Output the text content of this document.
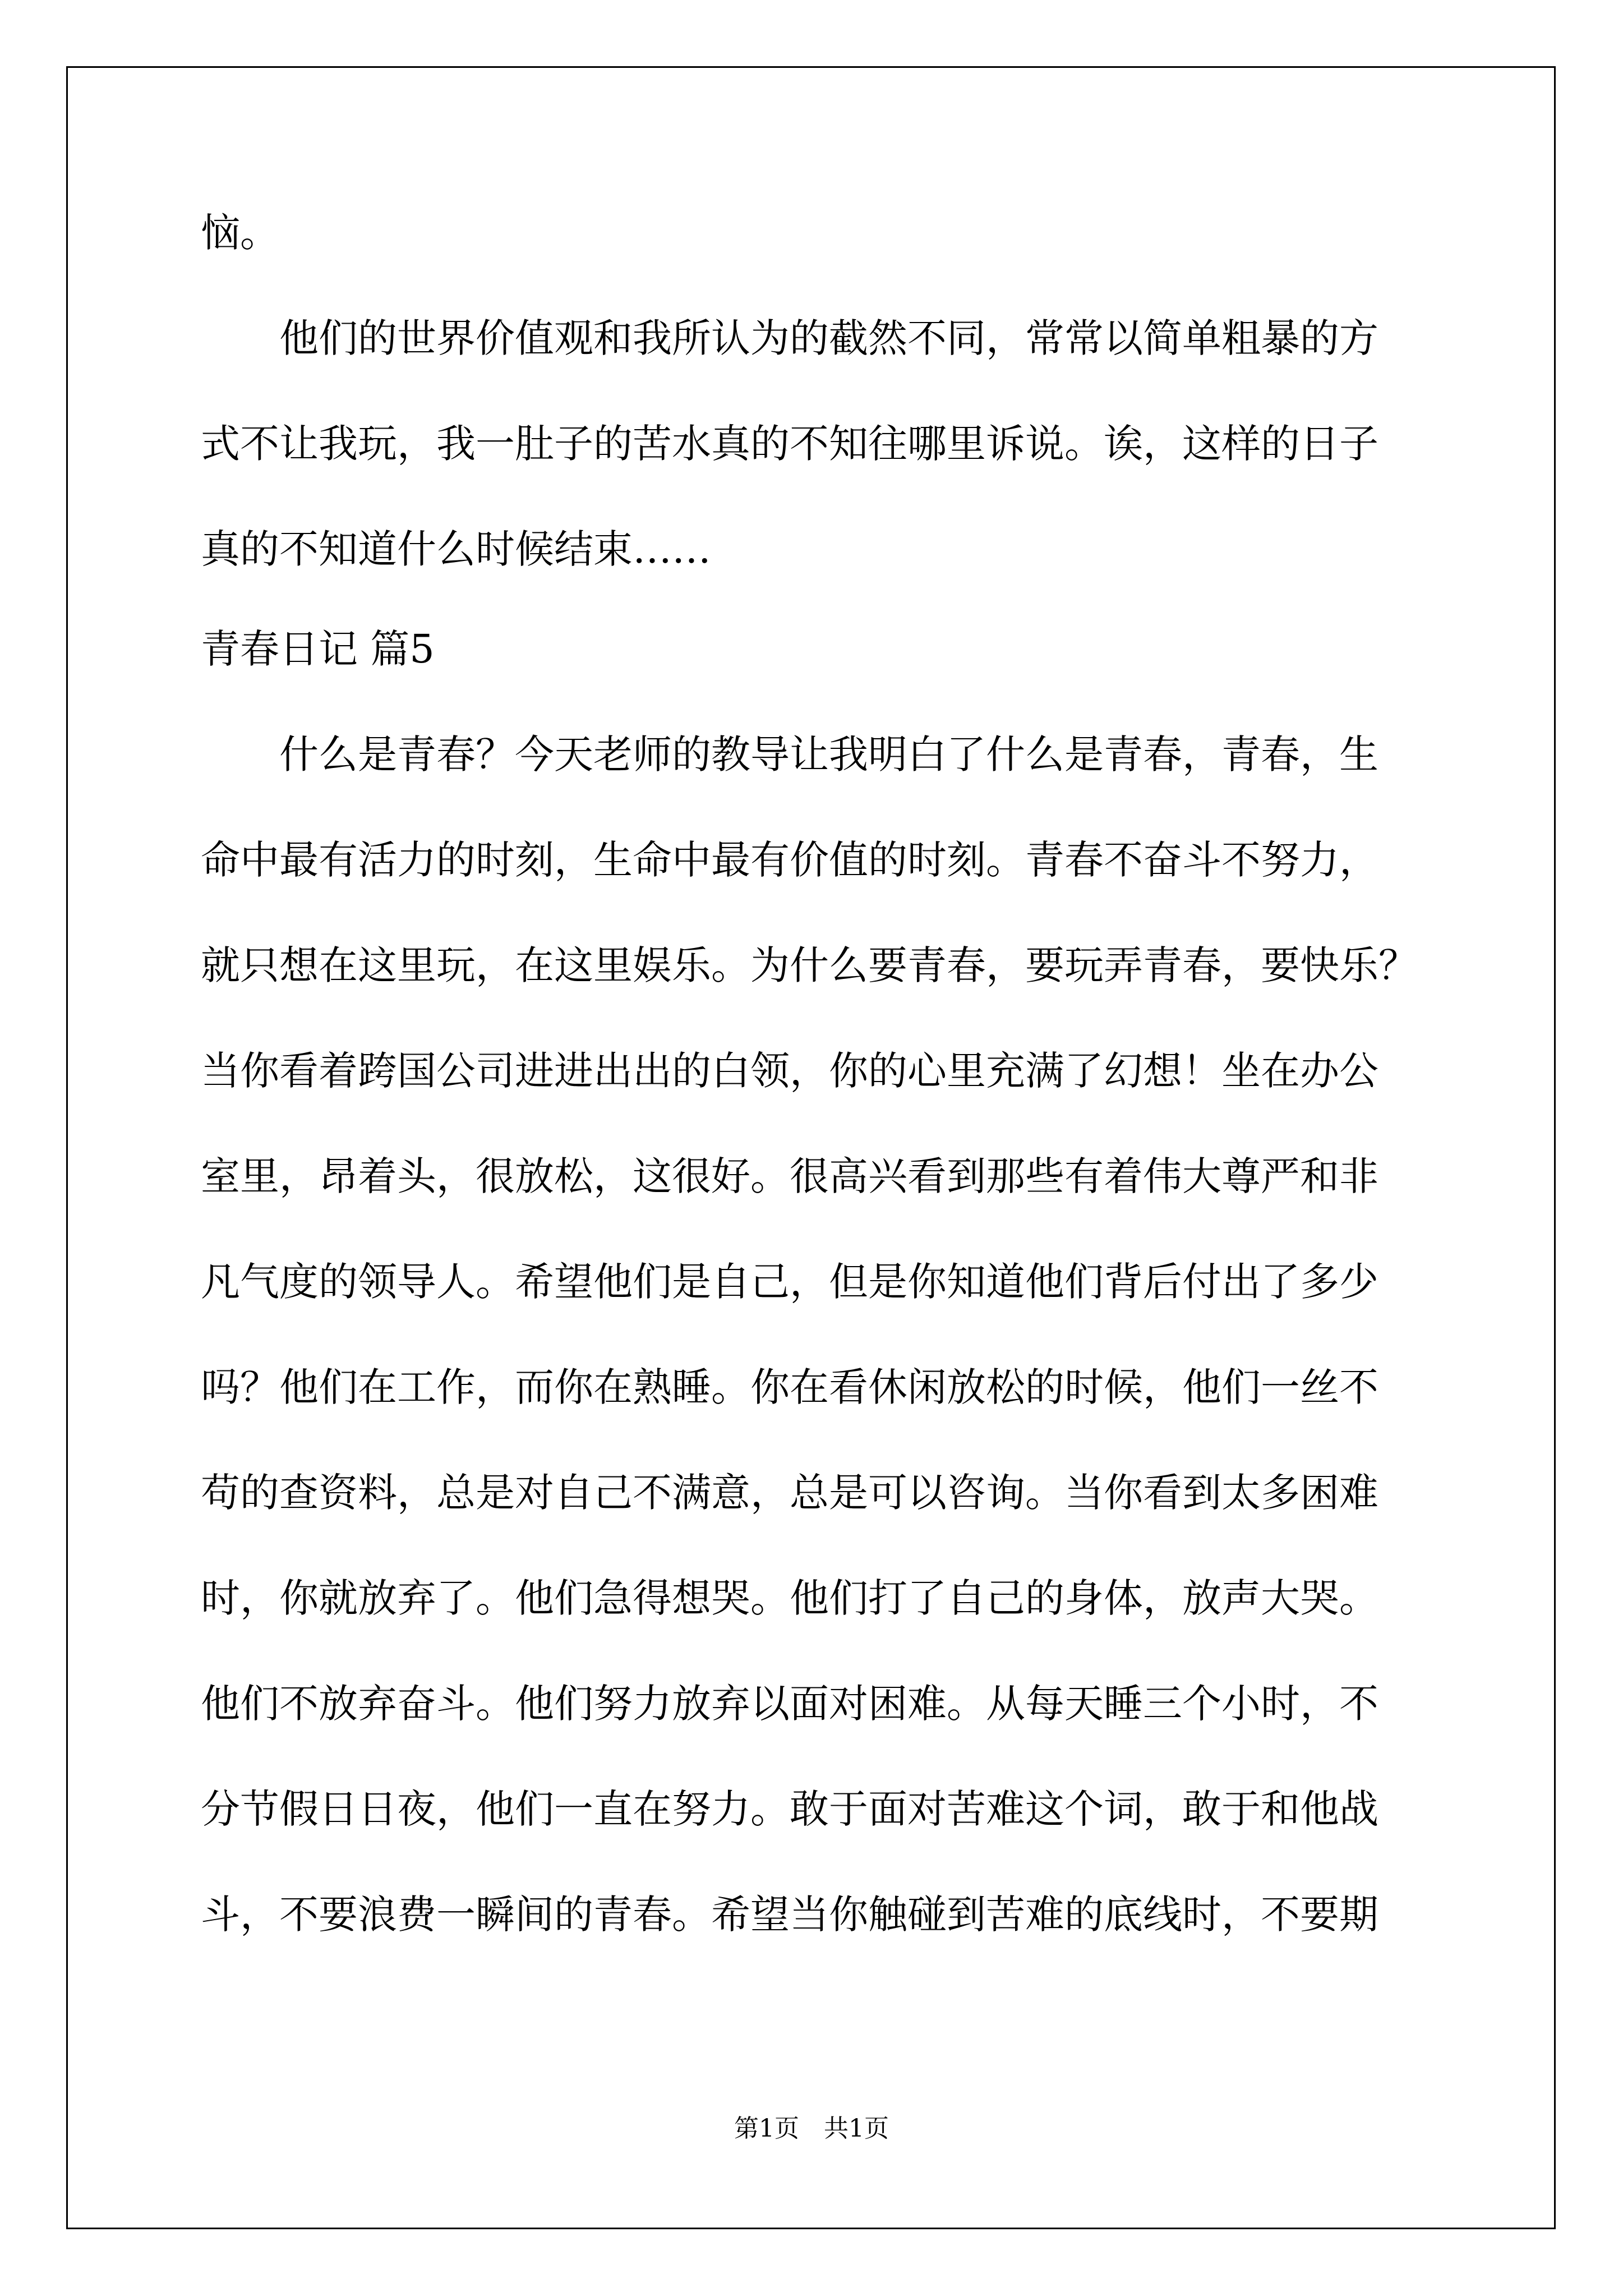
恼。
他们的世界价值观和我所认为的截然不同，常常以简单粗暴的方
式不让我玩，我一肚子的苦水真的不知往哪里诉说。诶，这样的日子
真的不知道什么时候结束……
青春日记 篇5
什么是青春？今天老师的教导让我明白了什么是青春，青春，生
命中最有活力的时刻，生命中最有价值的时刻。青春不奋斗不努力，
就只想在这里玩，在这里娱乐。为什么要青春，要玩弄青春，要快乐？
当你看着跨国公司进进出出的白领，你的心里充满了幻想！坐在办公
室里，昂着头，很放松，这很好。很高兴看到那些有着伟大尊严和非
凡气度的领导人。希望他们是自己，但是你知道他们背后付出了多少
吗？他们在工作，而你在熟睡。你在看休闲放松的时候，他们一丝不
苟的查资料，总是对自己不满意，总是可以咨询。当你看到太多困难
时，你就放弃了。他们急得想哭。他们打了自己的身体，放声大哭。
他们不放弃奋斗。他们努力放弃以面对困难。从每天睡三个小时，不
分节假日日夜，他们一直在努力。敢于面对苦难这个词，敢于和他战
斗，不要浪费一瞬间的青春。希望当你触碰到苦难的底线时，不要期
第1页　共1页
